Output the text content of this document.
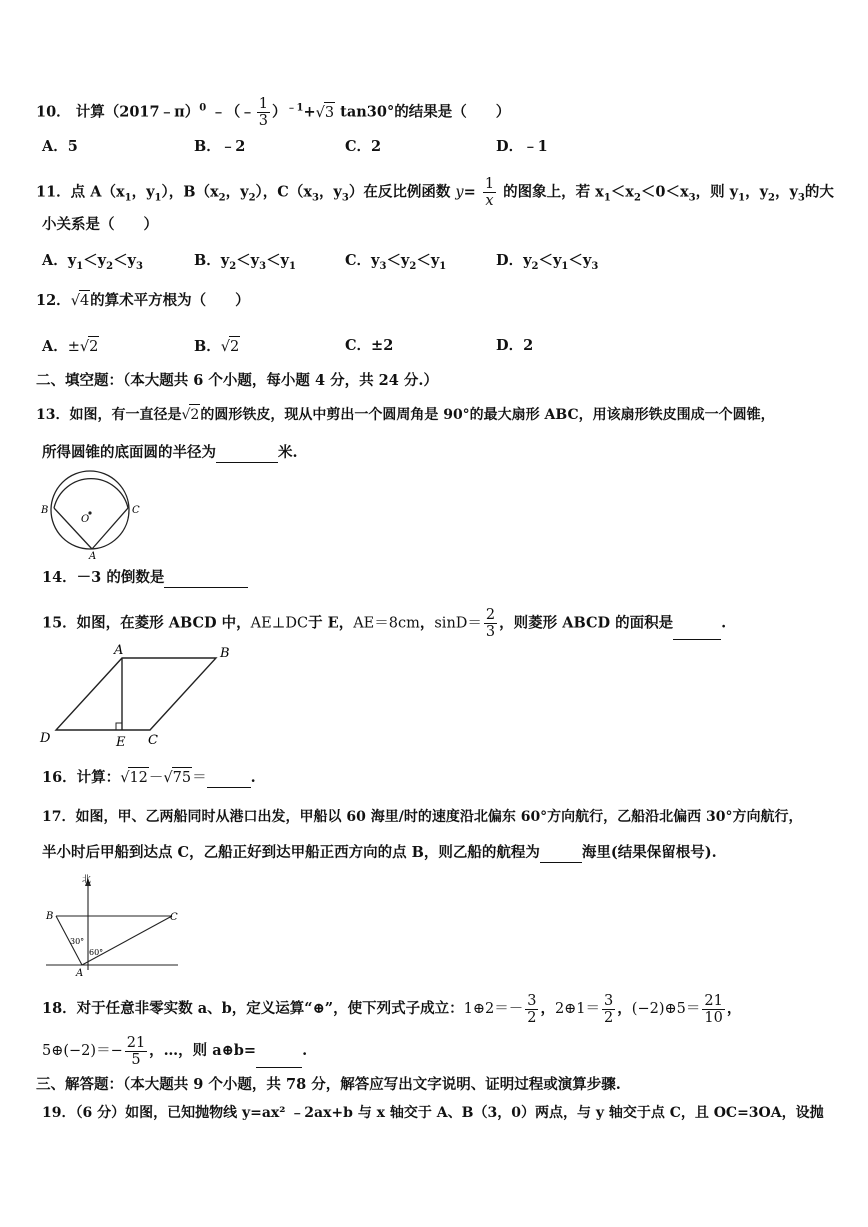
10． 计算（2017﹣π）$^0$ ﹣（﹣ $\frac{1}{3} )^{﹣1}+√3$ tan30°的结果是（　　）
A．5	B．﹣2	C．2	D．﹣1
11．点 $A(x_1$，$y_1$），$B(x_2$，$y_2$），$C(x_3$，$y_3$）在反比例函数 $y= \frac{1}{x}$ 的图象上，若 $x_1<x_2<0<x_3$，则 $y_1$，$y_2$，$y_3$的大
小关系是（　　）
A．$y_1<y_2<y_3$	B．$y_2<y_3<y_1$	C．$y_3<y_2<y_1$	D．$y_2<y_1<y_3$
12．√4的算术平方根为（　　）
A．±√2	B．√2	C．±2	D．2
二、填空题：（本大题共 6 个小题，每小题 4 分，共 24 分.）
13．如图，有一直径是√2的圆形铁皮，现从中剪出一个圆周角是 90°的最大扇形 ABC，用该扇形铁皮围成一个圆锥，
所得圆锥的底面圆的半径为	米.
B
O
C
A
14．－3 的倒数是
15．如图，在菱形 ABCD 中，AE⊥DC于 E，AE＝8cm，$\sin D= \frac{2}{3}$ ，则菱形 ABCD 的面积是	.
A	B
D	E C
16．计算：√12－√75＝	.
17．如图，甲、乙两船同时从港口出发，甲船以 60 海里/时的速度沿北偏东 60°方向航行，乙船沿北偏西 30°方向航行，
半小时后甲船到达点 C，乙船正好到达甲船正西方向的点 B，则乙船的航程为	海里(结果保留根号).
北
B	C
30°
60°
A
18．对于任意非零实数 a、b，定义运算“⊕”，使下列式子成立：1⊕2＝－ $\frac{3}{2}$ ，2⊕1＝ $\frac{3}{2}$ ，(−2)⊕5＝ $\frac{21}{10}$ ，
5⊕(−2)＝− $\frac{21}{5}$ ，…，则 a⊕b=	.
三、解答题：（本大题共 9 个小题，共 78 分，解答应写出文字说明、证明过程或演算步骤.
19．（6 分）如图，已知抛物线 y=ax² ﹣2ax+b 与 x 轴交于 A、B（3，0）两点，与 y 轴交于点 C，且 OC=3OA，设抛
